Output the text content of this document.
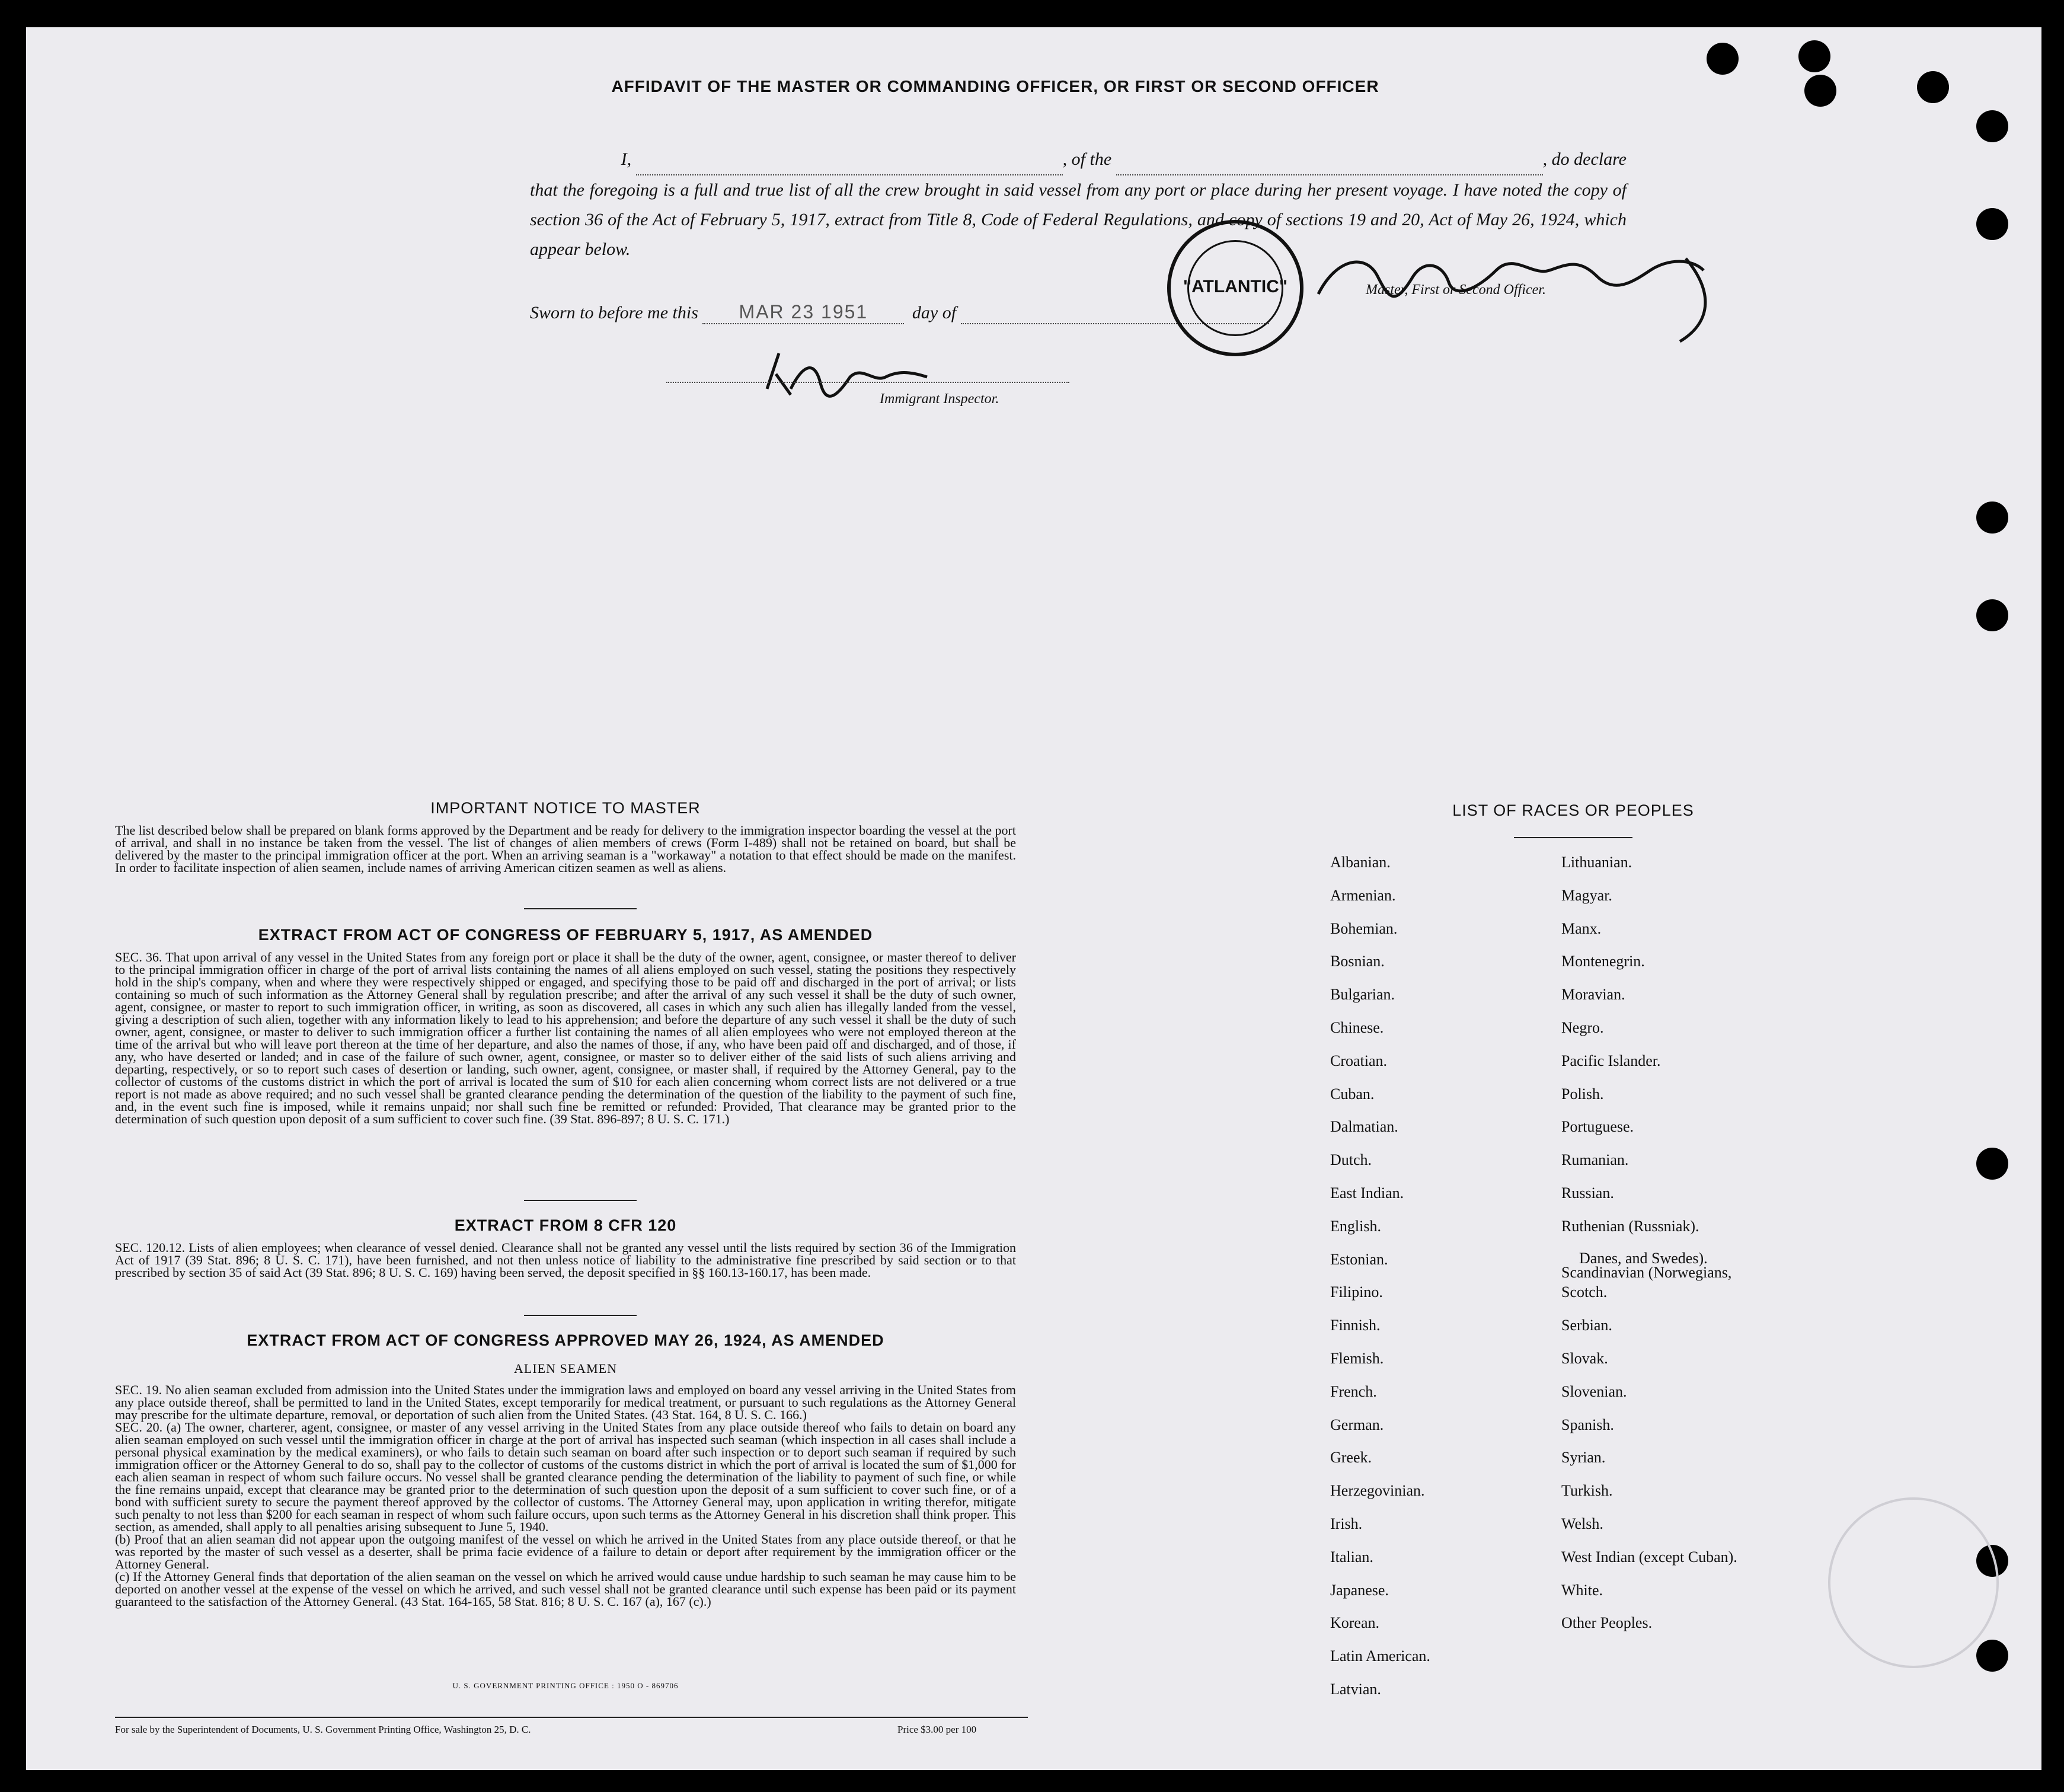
AFFIDAVIT OF THE MASTER OR COMMANDING OFFICER, OR FIRST OR SECOND OFFICER
I,	, of the	, do declare
that the foregoing is a full and true list of all the crew brought in said vessel from any port or place during her present voyage. I have noted the copy of section 36 of the Act of February 5, 1917, extract from Title 8, Code of Federal Regulations, and copy of sections 19 and 20, Act of May 26, 1924, which appear below.
Sworn to before me this MAR 23 1951 day of
"ATLANTIC"	Master, First or Second Officer.
Immigrant Inspector.
IMPORTANT NOTICE TO MASTER
The list described below shall be prepared on blank forms approved by the Department and be ready for delivery to the immigration inspector boarding the vessel at the port of arrival, and shall in no instance be taken from the vessel. The list of changes of alien members of crews (Form I-489) shall not be retained on board, but shall be delivered by the master to the principal immigration officer at the port. When an arriving seaman is a "workaway" a notation to that effect should be made on the manifest. In order to facilitate inspection of alien seamen, include names of arriving American citizen seamen as well as aliens.
EXTRACT FROM ACT OF CONGRESS OF FEBRUARY 5, 1917, AS AMENDED
SEC. 36. That upon arrival of any vessel in the United States from any foreign port or place it shall be the duty of the owner, agent, consignee, or master thereof to deliver to the principal immigration officer in charge of the port of arrival lists containing the names of all aliens employed on such vessel, stating the positions they respectively hold in the ship's company, when and where they were respectively shipped or engaged, and specifying those to be paid off and discharged in the port of arrival; or lists containing so much of such information as the Attorney General shall by regulation prescribe; and after the arrival of any such vessel it shall be the duty of such owner, agent, consignee, or master to report to such immigration officer, in writing, as soon as discovered, all cases in which any such alien has illegally landed from the vessel, giving a description of such alien, together with any information likely to lead to his apprehension; and before the departure of any such vessel it shall be the duty of such owner, agent, consignee, or master to deliver to such immigration officer a further list containing the names of all alien employees who were not employed thereon at the time of the arrival but who will leave port thereon at the time of her departure, and also the names of those, if any, who have been paid off and discharged, and of those, if any, who have deserted or landed; and in case of the failure of such owner, agent, consignee, or master so to deliver either of the said lists of such aliens arriving and departing, respectively, or so to report such cases of desertion or landing, such owner, agent, consignee, or master shall, if required by the Attorney General, pay to the collector of customs of the customs district in which the port of arrival is located the sum of $10 for each alien concerning whom correct lists are not delivered or a true report is not made as above required; and no such vessel shall be granted clearance pending the determination of the question of the liability to the payment of such fine, and, in the event such fine is imposed, while it remains unpaid; nor shall such fine be remitted or refunded: Provided, That clearance may be granted prior to the determination of such question upon deposit of a sum sufficient to cover such fine. (39 Stat. 896-897; 8 U. S. C. 171.)
EXTRACT FROM 8 CFR 120
SEC. 120.12. Lists of alien employees; when clearance of vessel denied. Clearance shall not be granted any vessel until the lists required by section 36 of the Immigration Act of 1917 (39 Stat. 896; 8 U. S. C. 171), have been furnished, and not then unless notice of liability to the administrative fine prescribed by said section or to that prescribed by section 35 of said Act (39 Stat. 896; 8 U. S. C. 169) having been served, the deposit specified in §§ 160.13-160.17, has been made.
EXTRACT FROM ACT OF CONGRESS APPROVED MAY 26, 1924, AS AMENDED
ALIEN SEAMEN
SEC. 19. No alien seaman excluded from admission into the United States under the immigration laws and employed on board any vessel arriving in the United States from any place outside thereof, shall be permitted to land in the United States, except temporarily for medical treatment, or pursuant to such regulations as the Attorney General may prescribe for the ultimate departure, removal, or deportation of such alien from the United States. (43 Stat. 164, 8 U. S. C. 166.)
SEC. 20. (a) The owner, charterer, agent, consignee, or master of any vessel arriving in the United States from any place outside thereof who fails to detain on board any alien seaman employed on such vessel until the immigration officer in charge at the port of arrival has inspected such seaman (which inspection in all cases shall include a personal physical examination by the medical examiners), or who fails to detain such seaman on board after such inspection or to deport such seaman if required by such immigration officer or the Attorney General to do so, shall pay to the collector of customs of the customs district in which the port of arrival is located the sum of $1,000 for each alien seaman in respect of whom such failure occurs. No vessel shall be granted clearance pending the determination of the liability to payment of such fine, or while the fine remains unpaid, except that clearance may be granted prior to the determination of such question upon the deposit of a sum sufficient to cover such fine, or of a bond with sufficient surety to secure the payment thereof approved by the collector of customs. The Attorney General may, upon application in writing therefor, mitigate such penalty to not less than $200 for each seaman in respect of whom such failure occurs, upon such terms as the Attorney General in his discretion shall think proper. This section, as amended, shall apply to all penalties arising subsequent to June 5, 1940.
(b) Proof that an alien seaman did not appear upon the outgoing manifest of the vessel on which he arrived in the United States from any place outside thereof, or that he was reported by the master of such vessel as a deserter, shall be prima facie evidence of a failure to detain or deport after requirement by the immigration officer or the Attorney General.
(c) If the Attorney General finds that deportation of the alien seaman on the vessel on which he arrived would cause undue hardship to such seaman he may cause him to be deported on another vessel at the expense of the vessel on which he arrived, and such vessel shall not be granted clearance until such expense has been paid or its payment guaranteed to the satisfaction of the Attorney General. (43 Stat. 164-165, 58 Stat. 816; 8 U. S. C. 167 (a), 167 (c).)
U. S. GOVERNMENT PRINTING OFFICE : 1950 O - 869706
For sale by the Superintendent of Documents, U. S. Government Printing Office, Washington 25, D. C.	Price $3.00 per 100
LIST OF RACES OR PEOPLES
Albanian.
Armenian.
Bohemian.
Bosnian.
Bulgarian.
Chinese.
Croatian.
Cuban.
Dalmatian.
Dutch.
East Indian.
English.
Estonian.
Filipino.
Finnish.
Flemish.
French.
German.
Greek.
Herzegovinian.
Irish.
Italian.
Japanese.
Korean.
Latin American.
Latvian.
Lithuanian.
Magyar.
Manx.
Montenegrin.
Moravian.
Negro.
Pacific Islander.
Polish.
Portuguese.
Rumanian.
Russian.
Ruthenian (Russniak).
Scandinavian (Norwegians,
Danes, and Swedes).
Scotch.
Serbian.
Slovak.
Slovenian.
Spanish.
Syrian.
Turkish.
Welsh.
West Indian (except Cuban).
White.
Other Peoples.
